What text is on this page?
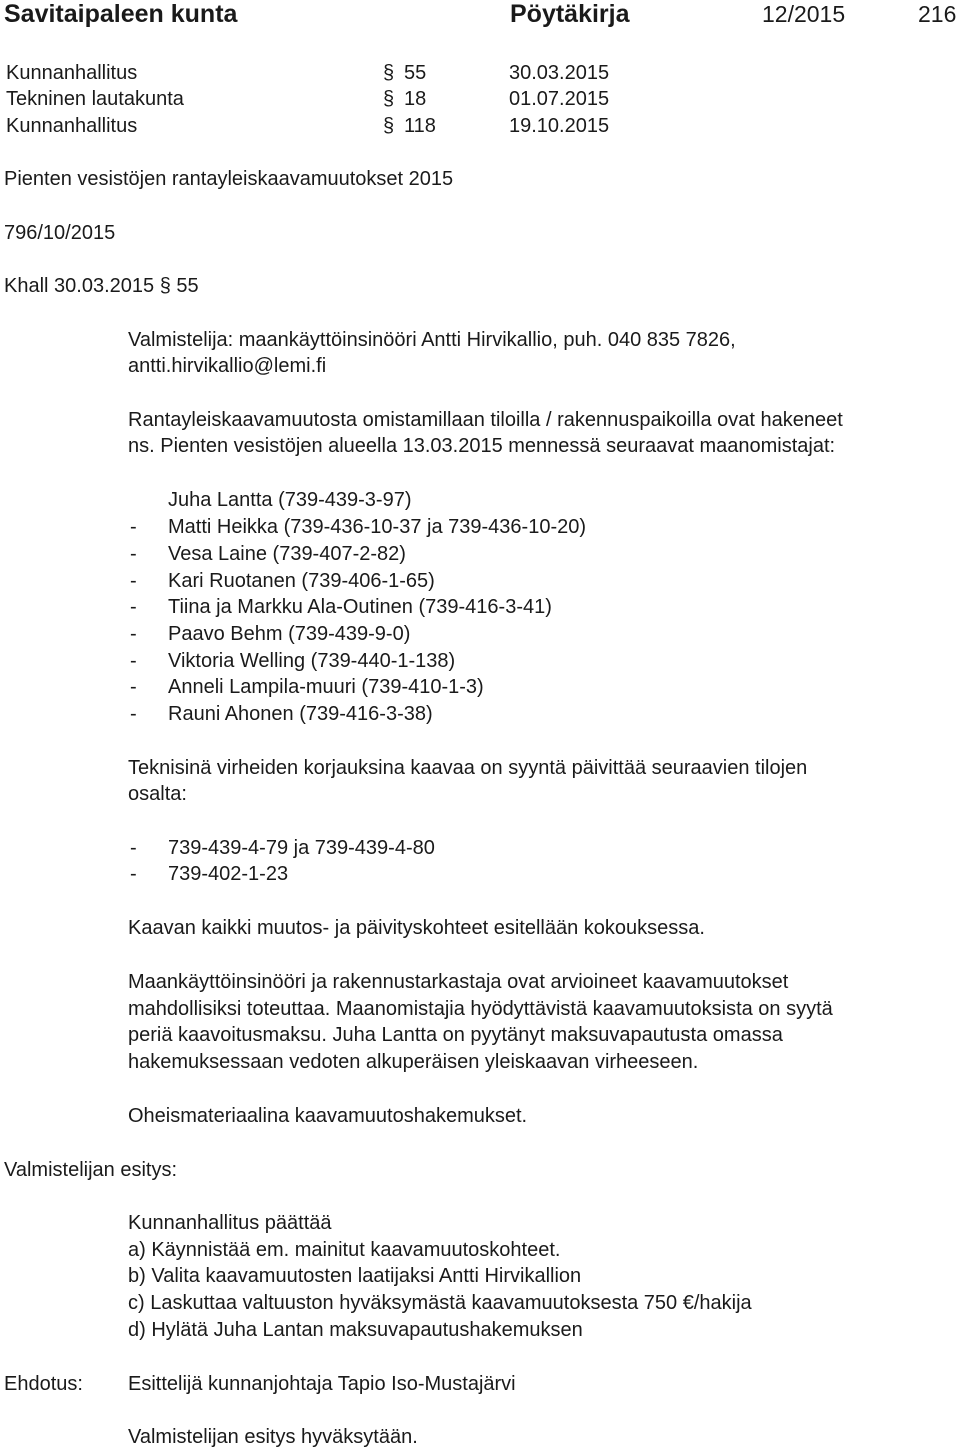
Savitaipaleen kunta	Pöytäkirja	12/2015	216
Kunnanhallitus	§ 55	30.03.2015
Tekninen lautakunta	§ 18	01.07.2015
Kunnanhallitus	§ 118	19.10.2015
Pienten vesistöjen rantayleiskaavamuutokset 2015
796/10/2015
Khall 30.03.2015 § 55
Valmistelija: maankäyttöinsinööri Antti Hirvikallio, puh. 040 835 7826,
antti.hirvikallio@lemi.fi
Rantayleiskaavamuutosta omistamillaan tiloilla / rakennuspaikoilla ovat hakeneet
ns. Pienten vesistöjen alueella 13.03.2015 mennessä seuraavat maanomistajat:
Juha Lantta (739-439-3-97)
- Matti Heikka (739-436-10-37 ja 739-436-10-20)
- Vesa Laine (739-407-2-82)
- Kari Ruotanen (739-406-1-65)
- Tiina ja Markku Ala-Outinen (739-416-3-41)
- Paavo Behm (739-439-9-0)
- Viktoria Welling (739-440-1-138)
- Anneli Lampila-muuri (739-410-1-3)
- Rauni Ahonen (739-416-3-38)
Teknisinä virheiden korjauksina kaavaa on syyntä päivittää seuraavien tilojen
osalta:
- 739-439-4-79 ja 739-439-4-80
- 739-402-1-23
Kaavan kaikki muutos- ja päivityskohteet esitellään kokouksessa.
Maankäyttöinsinööri ja rakennustarkastaja ovat arvioineet kaavamuutokset
mahdollisiksi toteuttaa. Maanomistajia hyödyttävistä kaavamuutoksista on syytä
periä kaavoitusmaksu. Juha Lantta on pyytänyt maksuvapautusta omassa
hakemuksessaan vedoten alkuperäisen yleiskaavan virheeseen.
Oheismateriaalina kaavamuutoshakemukset.
Valmistelijan esitys:
Kunnanhallitus päättää
a) Käynnistää em. mainitut kaavamuutoskohteet.
b) Valita kaavamuutosten laatijaksi Antti Hirvikallion
c) Laskuttaa valtuuston hyväksymästä kaavamuutoksesta 750 €/hakija
d) Hylätä Juha Lantan maksuvapautushakemuksen
Ehdotus: Esittelijä kunnanjohtaja Tapio Iso-Mustajärvi
Valmistelijan esitys hyväksytään.
